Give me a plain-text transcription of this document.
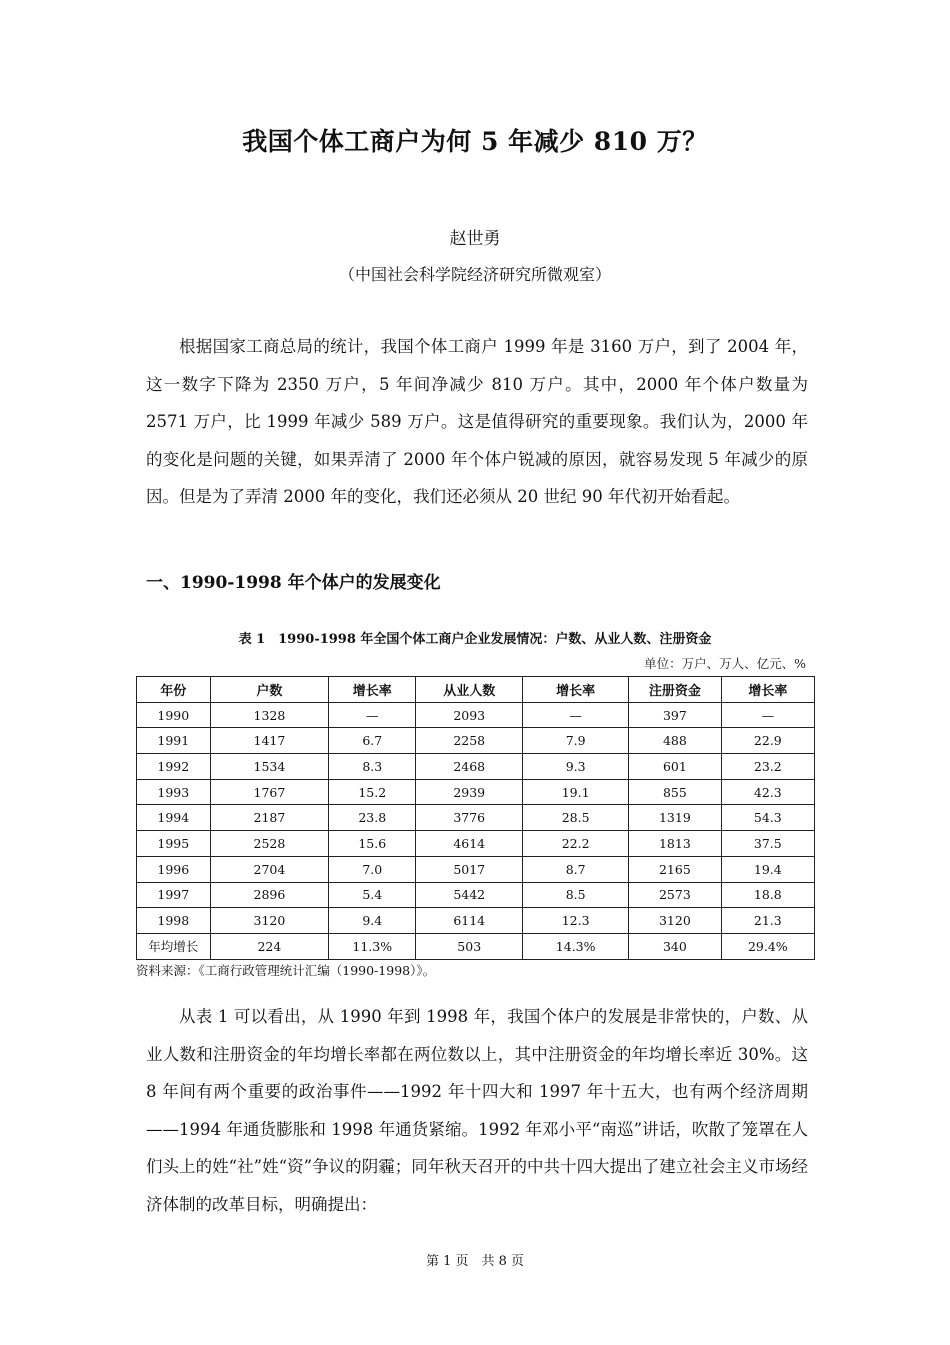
我国个体工商户为何 5 年减少 810 万？
赵世勇
（中国社会科学院经济研究所微观室）

根据国家工商总局的统计，我国个体工商户 1999 年是 3160 万户，到了 2004 年，这一数字下降为 2350 万户，5 年间净减少 810 万户。其中，2000 年个体户数量为 2571 万户，比 1999 年减少 589 万户。这是值得研究的重要现象。我们认为，2000 年的变化是问题的关键，如果弄清了 2000 年个体户锐减的原因，就容易发现 5 年减少的原因。但是为了弄清 2000 年的变化，我们还必须从 20 世纪 90 年代初开始看起。

一、1990-1998 年个体户的发展变化
表 1　1990-1998 年全国个体工商户企业发展情况：户数、从业人数、注册资金
单位：万户、万人、亿元、%
年份	户数	增长率	从业人数	增长率	注册资金	增长率
1990	1328	—	2093	—	397	—
1991	1417	6.7	2258	7.9	488	22.9
1992	1534	8.3	2468	9.3	601	23.2
1993	1767	15.2	2939	19.1	855	42.3
1994	2187	23.8	3776	28.5	1319	54.3
1995	2528	15.6	4614	22.2	1813	37.5
1996	2704	7.0	5017	8.7	2165	19.4
1997	2896	5.4	5442	8.5	2573	18.8
1998	3120	9.4	6114	12.3	3120	21.3
年均增长	224	11.3%	503	14.3%	340	29.4%
资料来源：《工商行政管理统计汇编（1990-1998）》。

从表 1 可以看出，从 1990 年到 1998 年，我国个体户的发展是非常快的，户数、从业人数和注册资金的年均增长率都在两位数以上，其中注册资金的年均增长率近 30%。这 8 年间有两个重要的政治事件——1992 年十四大和 1997 年十五大，也有两个经济周期——1994 年通货膨胀和 1998 年通货紧缩。1992 年邓小平“南巡”讲话，吹散了笼罩在人们头上的姓“社”姓“资”争议的阴霾；同年秋天召开的中共十四大提出了建立社会主义市场经济体制的改革目标，明确提出：

第 1 页　共 8 页
